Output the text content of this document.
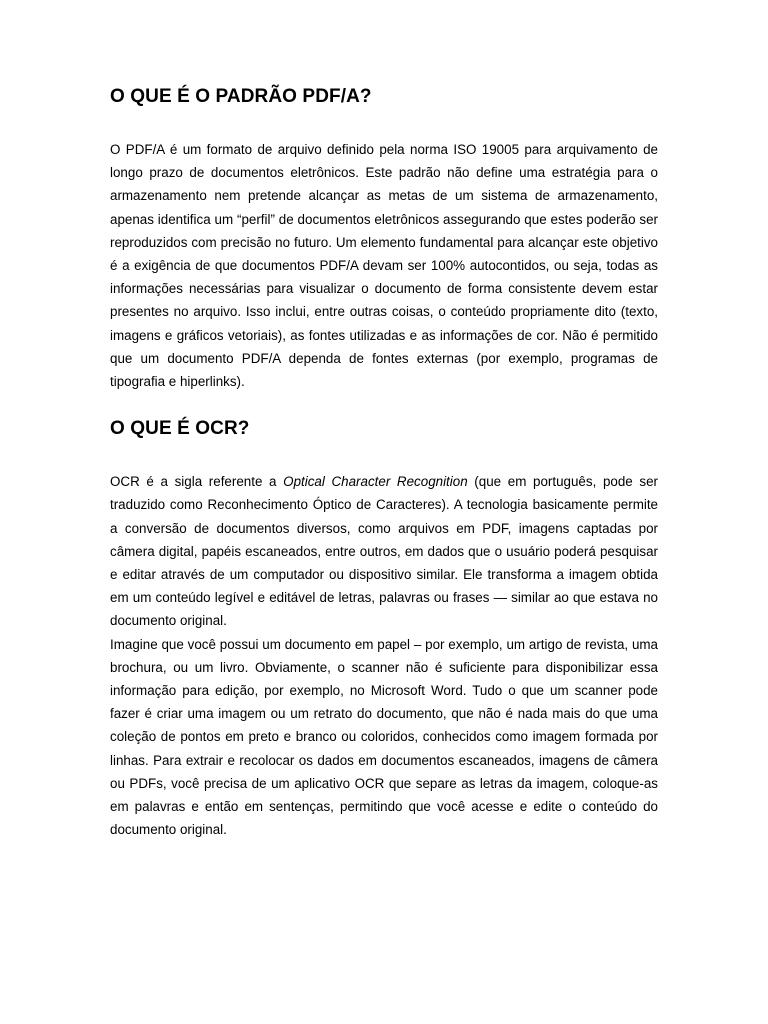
O QUE É O PADRÃO PDF/A?

O PDF/A é um formato de arquivo definido pela norma ISO 19005 para arquivamento de longo prazo de documentos eletrônicos. Este padrão não define uma estratégia para o armazenamento nem pretende alcançar as metas de um sistema de armazenamento, apenas identifica um “perfil” de documentos eletrônicos assegurando que estes poderão ser reproduzidos com precisão no futuro. Um elemento fundamental para alcançar este objetivo é a exigência de que documentos PDF/A devam ser 100% autocontidos, ou seja, todas as informações necessárias para visualizar o documento de forma consistente devem estar presentes no arquivo. Isso inclui, entre outras coisas, o conteúdo propriamente dito (texto, imagens e gráficos vetoriais), as fontes utilizadas e as informações de cor. Não é permitido que um documento PDF/A dependa de fontes externas (por exemplo, programas de tipografia e hiperlinks).

O QUE É OCR?

OCR é a sigla referente a Optical Character Recognition (que em português, pode ser traduzido como Reconhecimento Óptico de Caracteres). A tecnologia basicamente permite a conversão de documentos diversos, como arquivos em PDF, imagens captadas por câmera digital, papéis escaneados, entre outros, em dados que o usuário poderá pesquisar e editar através de um computador ou dispositivo similar. Ele transforma a imagem obtida em um conteúdo legível e editável de letras, palavras ou frases — similar ao que estava no documento original.

Imagine que você possui um documento em papel – por exemplo, um artigo de revista, uma brochura, ou um livro. Obviamente, o scanner não é suficiente para disponibilizar essa informação para edição, por exemplo, no Microsoft Word. Tudo o que um scanner pode fazer é criar uma imagem ou um retrato do documento, que não é nada mais do que uma coleção de pontos em preto e branco ou coloridos, conhecidos como imagem formada por linhas. Para extrair e recolocar os dados em documentos escaneados, imagens de câmera ou PDFs, você precisa de um aplicativo OCR que separe as letras da imagem, coloque-as em palavras e então em sentenças, permitindo que você acesse e edite o conteúdo do documento original.
